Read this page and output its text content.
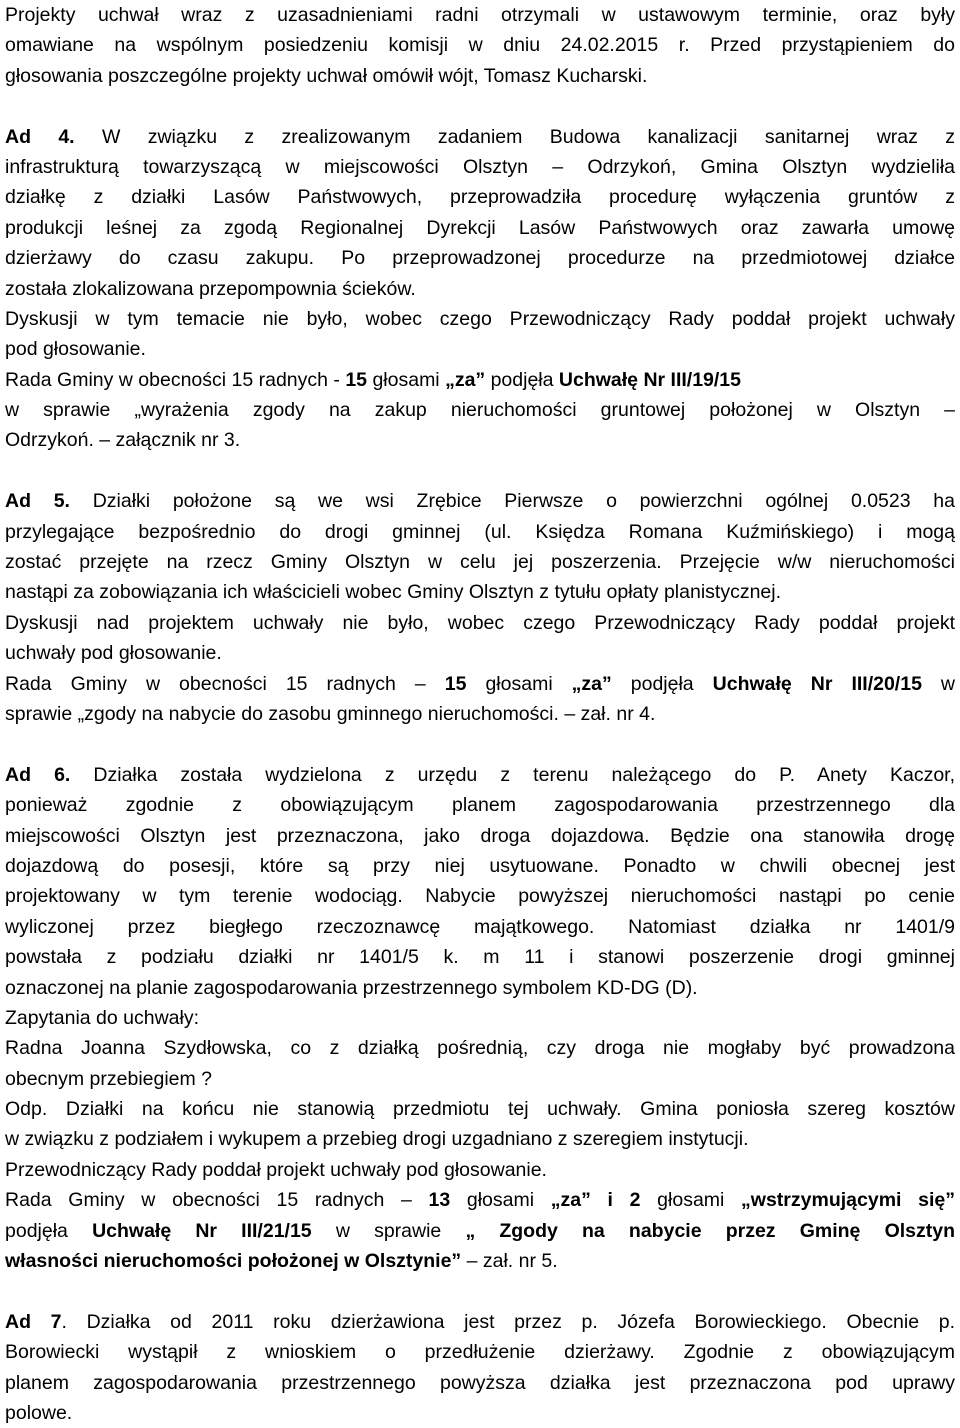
Projekty uchwał wraz z uzasadnieniami radni otrzymali w ustawowym terminie, oraz były
omawiane na wspólnym posiedzeniu komisji w dniu 24.02.2015 r. Przed przystąpieniem do
głosowania poszczególne projekty uchwał omówił wójt, Tomasz Kucharski.
Ad 4. W związku z zrealizowanym zadaniem Budowa kanalizacji sanitarnej wraz z
infrastrukturą towarzyszącą w miejscowości Olsztyn – Odrzykoń, Gmina Olsztyn wydzieliła
działkę z działki Lasów Państwowych, przeprowadziła procedurę wyłączenia gruntów z
produkcji leśnej za zgodą Regionalnej Dyrekcji Lasów Państwowych oraz zawarła umowę
dzierżawy do czasu zakupu. Po przeprowadzonej procedurze na przedmiotowej działce
została zlokalizowana przepompownia ścieków.
Dyskusji w tym temacie nie było, wobec czego Przewodniczący Rady poddał projekt uchwały
pod głosowanie.
Rada Gminy w obecności 15 radnych - 15 głosami „za” podjęła Uchwałę Nr III/19/15
w sprawie „wyrażenia zgody na zakup nieruchomości gruntowej położonej w Olsztyn –
Odrzykoń. – załącznik nr 3.
Ad 5. Działki położone są we wsi Zrębice Pierwsze o powierzchni ogólnej 0.0523 ha
przylegające bezpośrednio do drogi gminnej (ul. Księdza Romana Kuźmińskiego) i mogą
zostać przejęte na rzecz Gminy Olsztyn w celu jej poszerzenia. Przejęcie w/w nieruchomości
nastąpi za zobowiązania ich właścicieli wobec Gminy Olsztyn z tytułu opłaty planistycznej.
Dyskusji nad projektem uchwały nie było, wobec czego Przewodniczący Rady poddał projekt
uchwały pod głosowanie.
Rada Gminy w obecności 15 radnych – 15 głosami „za” podjęła Uchwałę Nr III/20/15 w
sprawie „zgody na nabycie do zasobu gminnego nieruchomości. – zał. nr 4.
Ad 6. Działka została wydzielona z urzędu z terenu należącego do P. Anety Kaczor,
ponieważ zgodnie z obowiązującym planem zagospodarowania przestrzennego dla
miejscowości Olsztyn jest przeznaczona, jako droga dojazdowa. Będzie ona stanowiła drogę
dojazdową do posesji, które są przy niej usytuowane. Ponadto w chwili obecnej jest
projektowany w tym terenie wodociąg. Nabycie powyższej nieruchomości nastąpi po cenie
wyliczonej przez biegłego rzeczoznawcę majątkowego. Natomiast działka nr 1401/9
powstała z podziału działki nr 1401/5 k. m 11 i stanowi poszerzenie drogi gminnej
oznaczonej na planie zagospodarowania przestrzennego symbolem KD-DG (D).
Zapytania do uchwały:
Radna Joanna Szydłowska, co z działką pośrednią, czy droga nie mogłaby być prowadzona
obecnym przebiegiem ?
Odp. Działki na końcu nie stanowią przedmiotu tej uchwały. Gmina poniosła szereg kosztów
w związku z podziałem i wykupem a przebieg drogi uzgadniano z szeregiem instytucji.
Przewodniczący Rady poddał projekt uchwały pod głosowanie.
Rada Gminy w obecności 15 radnych – 13 głosami „za” i 2 głosami „wstrzymującymi się”
podjęła Uchwałę Nr III/21/15 w sprawie „ Zgody na nabycie przez Gminę Olsztyn
własności nieruchomości położonej w Olsztynie” – zał. nr 5.
Ad 7. Działka od 2011 roku dzierżawiona jest przez p. Józefa Borowieckiego. Obecnie p.
Borowiecki wystąpił z wnioskiem o przedłużenie dzierżawy. Zgodnie z obowiązującym
planem zagospodarowania przestrzennego powyższa działka jest przeznaczona pod uprawy
polowe.
